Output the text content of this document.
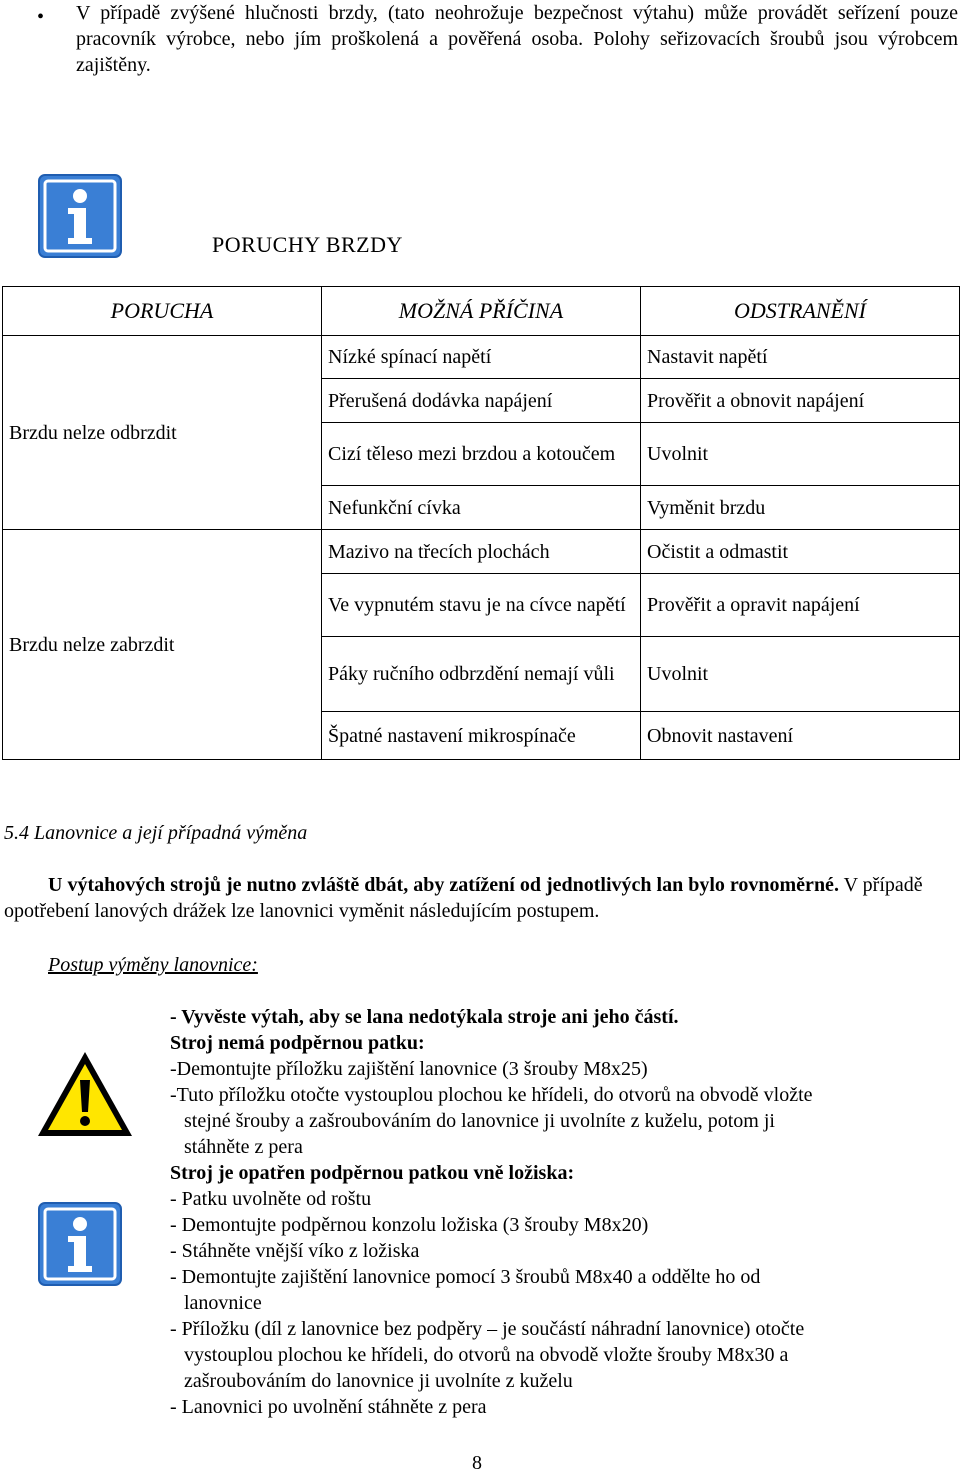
• V případě zvýšené hlučnosti brzdy, (tato neohrožuje bezpečnost výtahu) může provádět seřízení pouze pracovník výrobce, nebo jím proškolená a pověřená osoba. Polohy seřizovacích šroubů jsou výrobcem zajištěny.
PORUCHY BRZDY
PORUCHA	MOŽNÁ PŘÍČINA	ODSTRANĚNÍ
Brzdu nelze odbrzdit	Nízké spínací napětí	Nastavit napětí
	Přerušená dodávka napájení	Prověřit a obnovit napájení
	Cizí těleso mezi brzdou a kotoučem	Uvolnit
	Nefunkční cívka	Vyměnit brzdu
Brzdu nelze zabrzdit	Mazivo na třecích plochách	Očistit a odmastit
	Ve vypnutém stavu je na cívce napětí	Prověřit a opravit napájení
	Páky ručního odbrzdění nemají vůli	Uvolnit
	Špatné nastavení mikrospínače	Obnovit nastavení
5.4 Lanovnice a její případná výměna
U výtahových strojů je nutno zvláště dbát, aby zatížení od jednotlivých lan bylo rovnoměrné. V případě opotřebení lanových drážek lze lanovnici vyměnit následujícím postupem.
Postup výměny lanovnice:
- Vyvěste výtah, aby se lana nedotýkala stroje ani jeho částí.
Stroj nemá podpěrnou patku:
-Demontujte příložku zajištění lanovnice (3 šrouby M8x25)
-Tuto příložku otočte vystouplou plochou ke hřídeli, do otvorů na obvodě vložte
stejné šrouby a zašroubováním do lanovnice ji uvolníte z kuželu, potom ji
stáhněte z pera
Stroj je opatřen podpěrnou patkou vně ložiska:
- Patku uvolněte od roštu
- Demontujte podpěrnou konzolu ložiska (3 šrouby M8x20)
- Stáhněte vnější víko z ložiska
- Demontujte zajištění lanovnice pomocí 3 šroubů M8x40 a oddělte ho od
lanovnice
- Příložku (díl z lanovnice bez podpěry – je součástí náhradní lanovnice) otočte
vystouplou plochou ke hřídeli, do otvorů na obvodě vložte šrouby M8x30 a
zašroubováním do lanovnice ji uvolníte z kuželu
- Lanovnici po uvolnění stáhněte z pera
8
